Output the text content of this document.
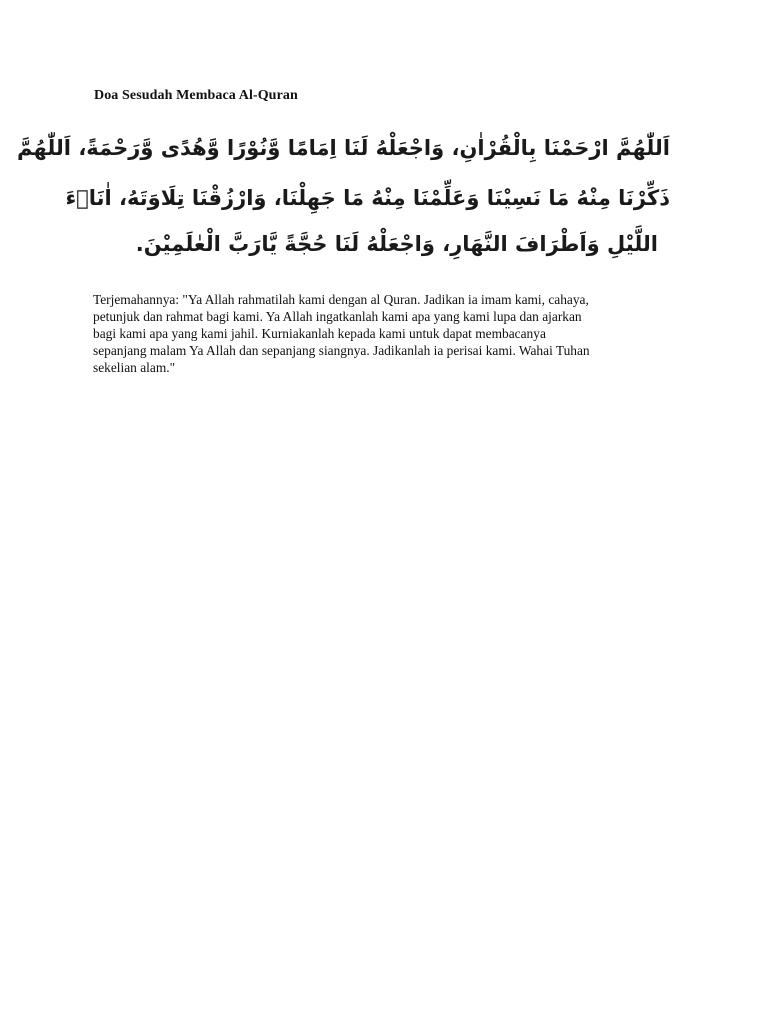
Doa Sesudah Membaca Al-Quran
اَللّٰهُمَّ ارْحَمْنَا بِالْقُرْاٰنِ، وَاجْعَلْهُ لَنَا اِمَامًا وَّنُوْرًا وَّهُدًى وَّرَحْمَةً، اَللّٰهُمَّ
ذَكِّرْنَا مِنْهُ مَا نَسِيْنَا وَعَلِّمْنَا مِنْهُ مَا جَهِلْنَا، وَارْزُقْنَا تِلَاوَتَهُ، اٰنَاۤءَ
اللَّيْلِ وَاَطْرَافَ النَّهَارِ، وَاجْعَلْهُ لَنَا حُجَّةً يَّارَبَّ الْعٰلَمِيْنَ.
Terjemahannya: "Ya Allah rahmatilah kami dengan al Quran. Jadikan ia imam kami, cahaya,
petunjuk dan rahmat bagi kami. Ya Allah ingatkanlah kami apa yang kami lupa dan ajarkan
bagi kami apa yang kami jahil. Kurniakanlah kepada kami untuk dapat membacanya
sepanjang malam Ya Allah dan sepanjang siangnya. Jadikanlah ia perisai kami. Wahai Tuhan
sekelian alam."
